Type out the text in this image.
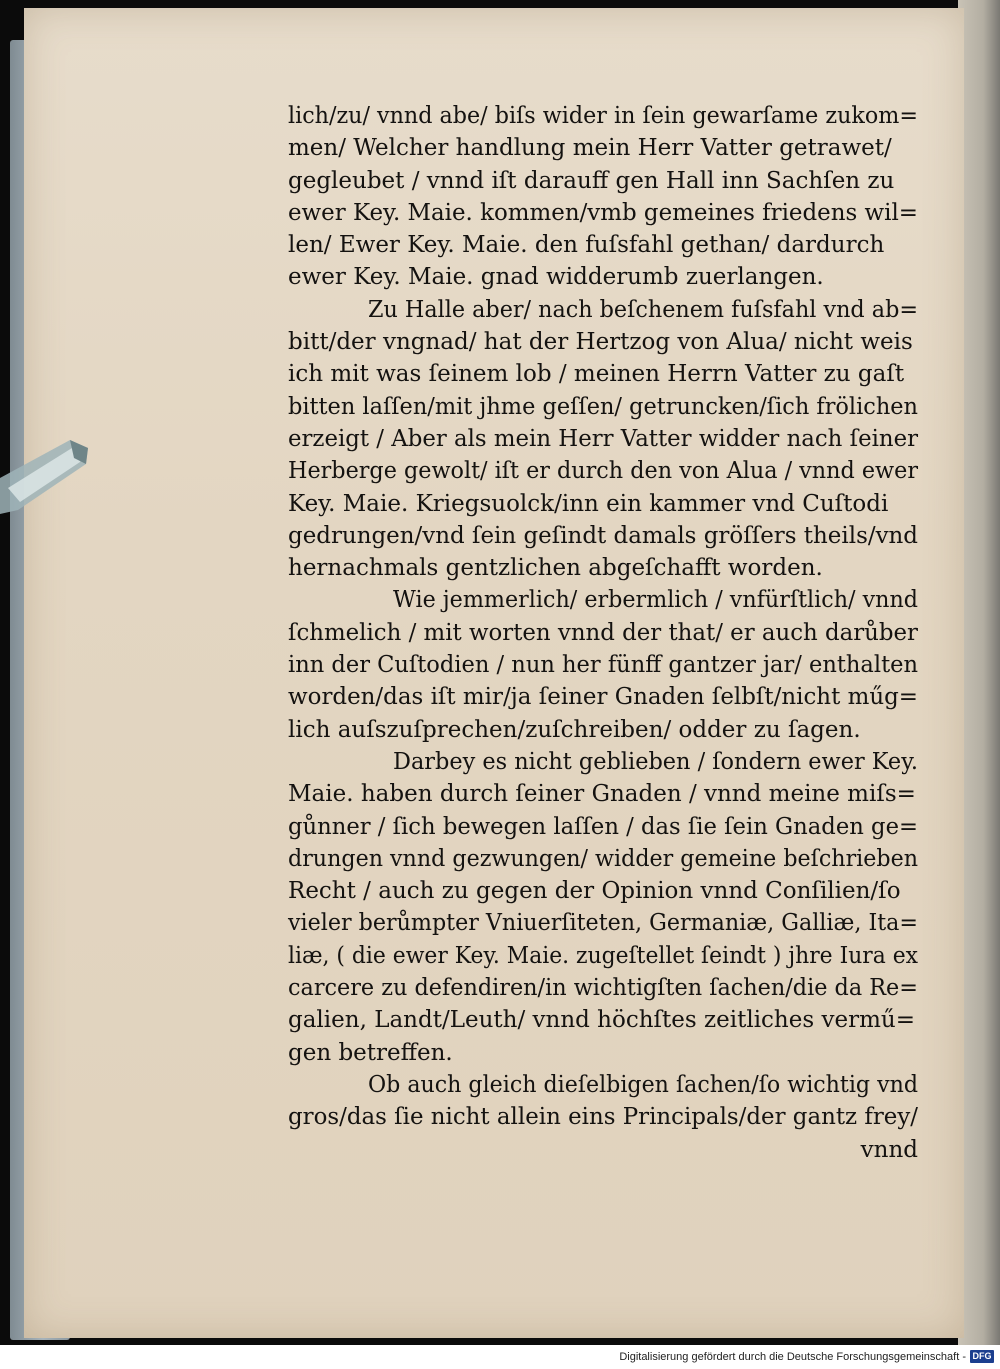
lich/zu/ vnnd abe/ biſs wider in ſein gewarſame zukom=
men/ Welcher handlung mein Herr Vatter getrawet/
gegleubet / vnnd iſt darauff gen Hall inn Sachſen zu
ewer Key. Maie. kommen/vmb gemeines friedens wil=
len/ Ewer Key. Maie. den fuſsfahl gethan/ dardurch
ewer Key. Maie. gnad widderumb zuerlangen.
Zu Halle aber/ nach beſchenem fuſsfahl vnd ab=
bitt/der vngnad/ hat der Hertzog von Alua/ nicht weis
ich mit was ſeinem lob / meinen Herrn Vatter zu gaſt
bitten laſſen/mit jhme geſſen/ getruncken/ſich frölichen
erzeigt / Aber als mein Herr Vatter widder nach ſeiner
Herberge gewolt/ iſt er durch den von Alua / vnnd ewer
Key. Maie. Kriegsuolck/inn ein kammer vnd Cuſtodi
gedrungen/vnd ſein geſindt damals gröſſers theils/vnd
hernachmals gentzlichen abgeſchafft worden.
Wie jemmerlich/ erbermlich / vnfürſtlich/ vnnd
ſchmelich / mit worten vnnd der that/ er auch darůber
inn der Cuſtodien / nun her fünff gantzer jar/ enthalten
worden/das iſt mir/ja ſeiner Gnaden ſelbſt/nicht műg=
lich auſszuſprechen/zuſchreiben/ odder zu ſagen.
Darbey es nicht geblieben / ſondern ewer Key.
Maie. haben durch ſeiner Gnaden / vnnd meine miſs=
gůnner / ſich bewegen laſſen / das ſie ſein Gnaden ge=
drungen vnnd gezwungen/ widder gemeine beſchrieben
Recht / auch zu gegen der Opinion vnnd Conſilien/ſo
vieler berůmpter Vniuerſiteten, Germaniæ, Galliæ, Ita=
liæ, ( die ewer Key. Maie. zugeſtellet ſeindt ) jhre Iura ex
carcere zu defendiren/in wichtigſten ſachen/die da Re=
galien, Landt/Leuth/ vnnd höchſtes zeitliches vermű=
gen betreffen.
Ob auch gleich dieſelbigen ſachen/ſo wichtig vnd
gros/das ſie nicht allein eins Principals/der gantz frey/
vnnd
Digitalisierung gefördert durch die Deutsche Forschungsgemeinschaft - DFG
